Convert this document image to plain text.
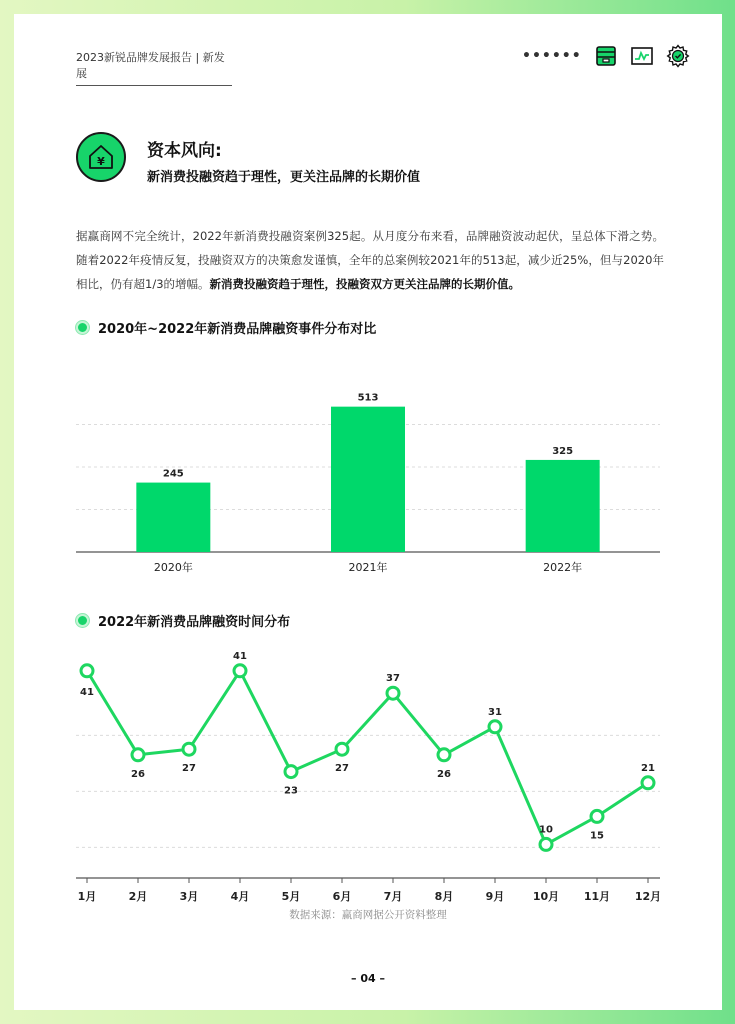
2023新锐品牌发展报告 | 新发展
••••••
¥
资本风向:
新消费投融资趋于理性，更关注品牌的长期价值
据赢商网不完全统计，2022年新消费投融资案例325起。从月度分布来看，品牌融资波动起伏，呈总体下滑之势。随着2022年疫情反复，投融资双方的决策愈发谨慎，全年的总案例较2021年的513起，减少近25%，但与2020年相比，仍有超1/3的增幅。新消费投融资趋于理性，投融资双方更关注品牌的长期价值。
2020年~2022年新消费品牌融资事件分布对比
245
2020年
513
2021年
325
2022年
2022年新消费品牌融资时间分布
41
1月
26
2月
27
3月
41
4月
23
5月
27
6月
37
7月
26
8月
31
9月
10
10月
15
11月
21
12月
数据来源：赢商网据公开资料整理
– 04 –
